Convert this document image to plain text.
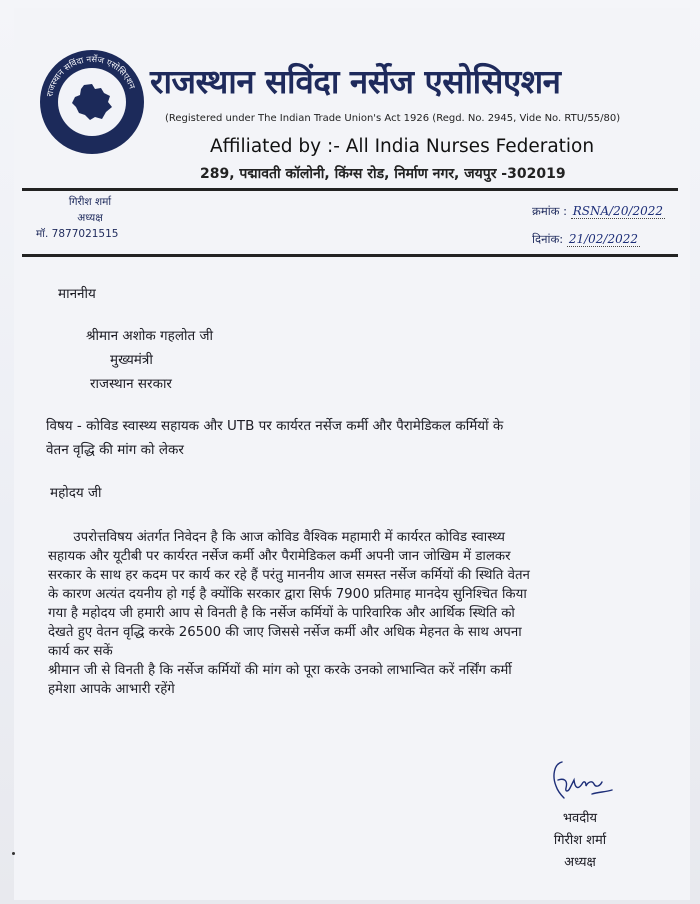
राजस्थान सविंदा नर्सेज एसोसिएशन राजस्थान सविंदा नर्सेज एसोसिएशन
(Registered under The Indian Trade Union's Act 1926 (Regd. No. 2945, Vide No. RTU/55/80)
Affiliated by :- All India Nurses Federation
289, पद्मावती कॉलोनी, किंग्स रोड, निर्माण नगर, जयपुर -302019
गिरीश शर्मा
अध्यक्ष
मॉ. 7877021515
क्रमांक : RSNA/20/2022
दिनांक: 21/02/2022
माननीय
श्रीमान अशोक गहलोत जी
मुख्यमंत्री
राजस्थान सरकार
विषय - कोविड स्वास्थ्य सहायक और UTB पर कार्यरत नर्सेज कर्मी और पैरामेडिकल कर्मियों के
वेतन वृद्धि की मांग को लेकर
महोदय जी
उपरोत्तविषय अंतर्गत निवेदन है कि आज कोविड वैश्विक महामारी में कार्यरत कोविड स्वास्थ्य
सहायक और यूटीबी पर कार्यरत नर्सेज कर्मी और पैरामेडिकल कर्मी अपनी जान जोखिम में डालकर
सरकार के साथ हर कदम पर कार्य कर रहे हैं परंतु माननीय आज समस्त नर्सेज कर्मियों की स्थिति वेतन
के कारण अत्यंत दयनीय हो गई है क्योंकि सरकार द्वारा सिर्फ 7900 प्रतिमाह मानदेय सुनिश्चित किया
गया है महोदय जी हमारी आप से विनती है कि नर्सेज कर्मियों के पारिवारिक और आर्थिक स्थिति को
देखते हुए वेतन वृद्धि करके 26500 की जाए जिससे नर्सेज कर्मी और अधिक मेहनत के साथ अपना
कार्य कर सकें
श्रीमान जी से विनती है कि नर्सेज कर्मियों की मांग को पूरा करके उनको लाभान्वित करें नर्सिंग कर्मी
हमेशा आपके आभारी रहेंगे
भवदीय
गिरीश शर्मा
अध्यक्ष
